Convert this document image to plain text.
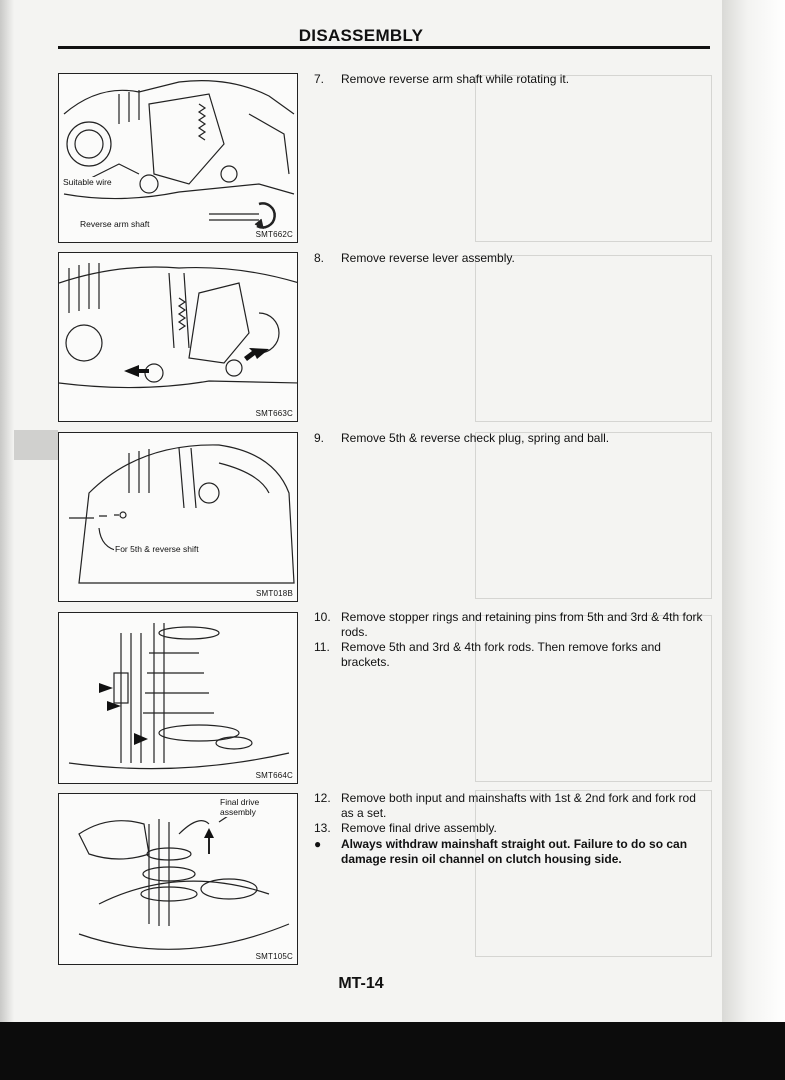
DISASSEMBLY
Suitable wire
Reverse arm shaft
SMT662C
SMT663C
For 5th & reverse shift
SMT018B
SMT664C
Final drive assembly
SMT105C
7.	Remove reverse arm shaft while rotating it.
8.	Remove reverse lever assembly.
9.	Remove 5th & reverse check plug, spring and ball.
10. Remove stopper rings and retaining pins from 5th and 3rd & 4th fork rods.
11. Remove 5th and 3rd & 4th fork rods. Then remove forks and brackets.
12. Remove both input and mainshafts with 1st & 2nd fork and fork rod as a set.
13. Remove final drive assembly.
● Always withdraw mainshaft straight out. Failure to do so can damage resin oil channel on clutch housing side.
MT-14
